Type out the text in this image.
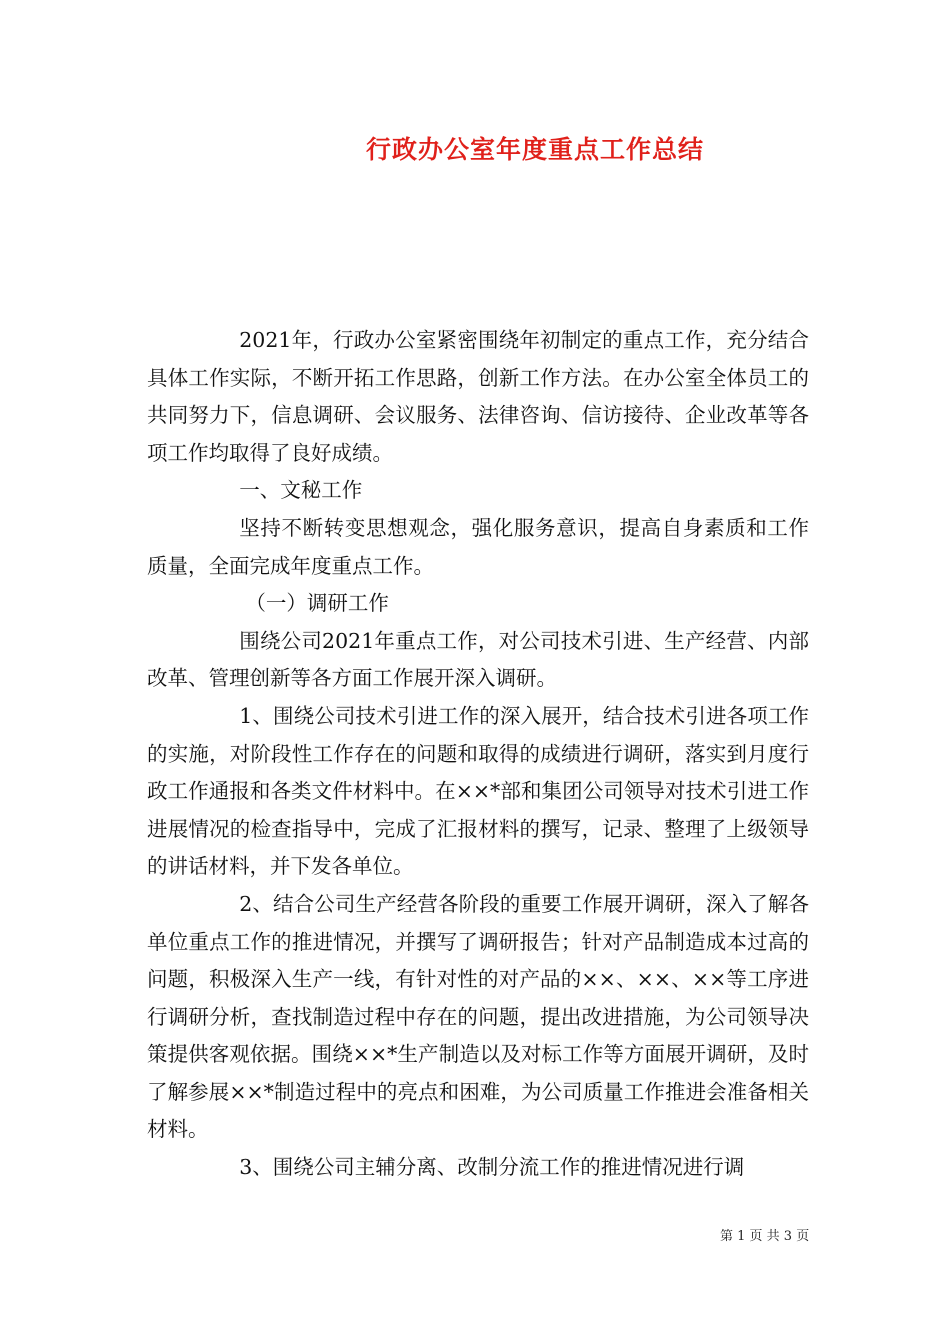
行政办公室年度重点工作总结

2021年，行政办公室紧密围绕年初制定的重点工作，充分结合具体工作实际，不断开拓工作思路，创新工作方法。在办公室全体员工的共同努力下，信息调研、会议服务、法律咨询、信访接待、企业改革等各项工作均取得了良好成绩。

一、文秘工作

坚持不断转变思想观念，强化服务意识，提高自身素质和工作质量，全面完成年度重点工作。

（一）调研工作

围绕公司2021年重点工作，对公司技术引进、生产经营、内部改革、管理创新等各方面工作展开深入调研。

1、围绕公司技术引进工作的深入展开，结合技术引进各项工作的实施，对阶段性工作存在的问题和取得的成绩进行调研，落实到月度行政工作通报和各类文件材料中。在××*部和集团公司领导对技术引进工作进展情况的检查指导中，完成了汇报材料的撰写，记录、整理了上级领导的讲话材料，并下发各单位。

2、结合公司生产经营各阶段的重要工作展开调研，深入了解各单位重点工作的推进情况，并撰写了调研报告；针对产品制造成本过高的问题，积极深入生产一线，有针对性的对产品的××、××、××等工序进行调研分析，查找制造过程中存在的问题，提出改进措施，为公司领导决策提供客观依据。围绕××*生产制造以及对标工作等方面展开调研，及时了解参展××*制造过程中的亮点和困难，为公司质量工作推进会准备相关材料。

3、围绕公司主辅分离、改制分流工作的推进情况进行调

第 1 页 共 3 页
